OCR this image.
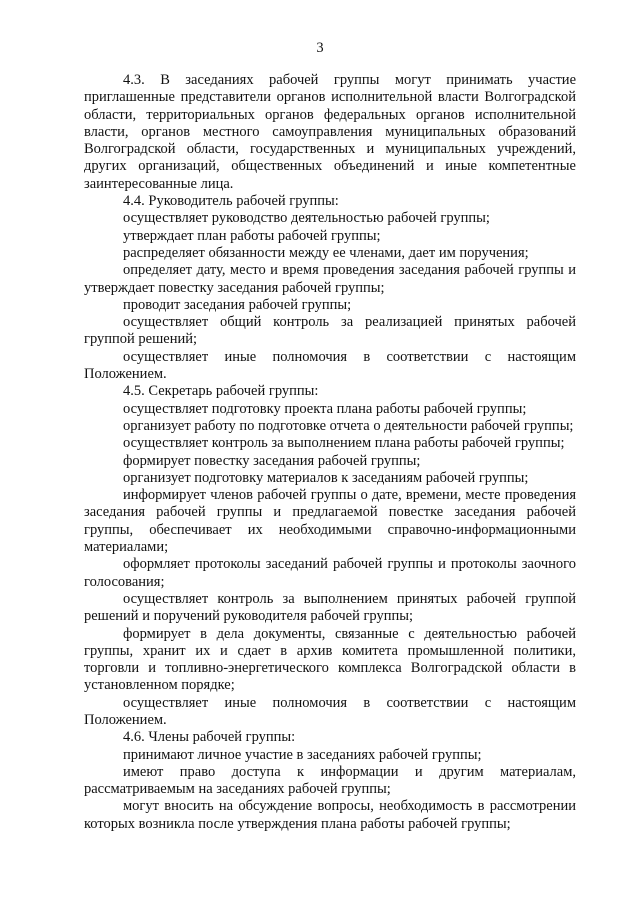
3

4.3. В заседаниях рабочей группы могут принимать участие приглашенные представители органов исполнительной власти Волгоградской области, территориальных органов федеральных органов исполнительной власти, органов местного самоуправления муниципальных образований Волгоградской области, государственных и муниципальных учреждений, других организаций, общественных объединений и иные компетентные заинтересованные лица.

4.4. Руководитель рабочей группы:

осуществляет руководство деятельностью рабочей группы;

утверждает план работы рабочей группы;

распределяет обязанности между ее членами, дает им поручения;

определяет дату, место и время проведения заседания рабочей группы и утверждает повестку заседания рабочей группы;

проводит заседания рабочей группы;

осуществляет общий контроль за реализацией принятых рабочей группой решений;

осуществляет иные полномочия в соответствии с настоящим Положением.

4.5. Секретарь рабочей группы:

осуществляет подготовку проекта плана работы рабочей группы;

организует работу по подготовке отчета о деятельности рабочей группы;

осуществляет контроль за выполнением плана работы рабочей группы;

формирует повестку заседания рабочей группы;

организует подготовку материалов к заседаниям рабочей группы;

информирует членов рабочей группы о дате, времени, месте проведения заседания рабочей группы и предлагаемой повестке заседания рабочей группы, обеспечивает их необходимыми справочно-информационными материалами;

оформляет протоколы заседаний рабочей группы и протоколы заочного голосования;

осуществляет контроль за выполнением принятых рабочей группой решений и поручений руководителя рабочей группы;

формирует в дела документы, связанные с деятельностью рабочей группы, хранит их и сдает в архив комитета промышленной политики, торговли и топливно-энергетического комплекса Волгоградской области в установленном порядке;

осуществляет иные полномочия в соответствии с настоящим Положением.

4.6. Члены рабочей группы:

принимают личное участие в заседаниях рабочей группы;

имеют право доступа к информации и другим материалам, рассматриваемым на заседаниях рабочей группы;

могут вносить на обсуждение вопросы, необходимость в рассмотрении которых возникла после утверждения плана работы рабочей группы;
